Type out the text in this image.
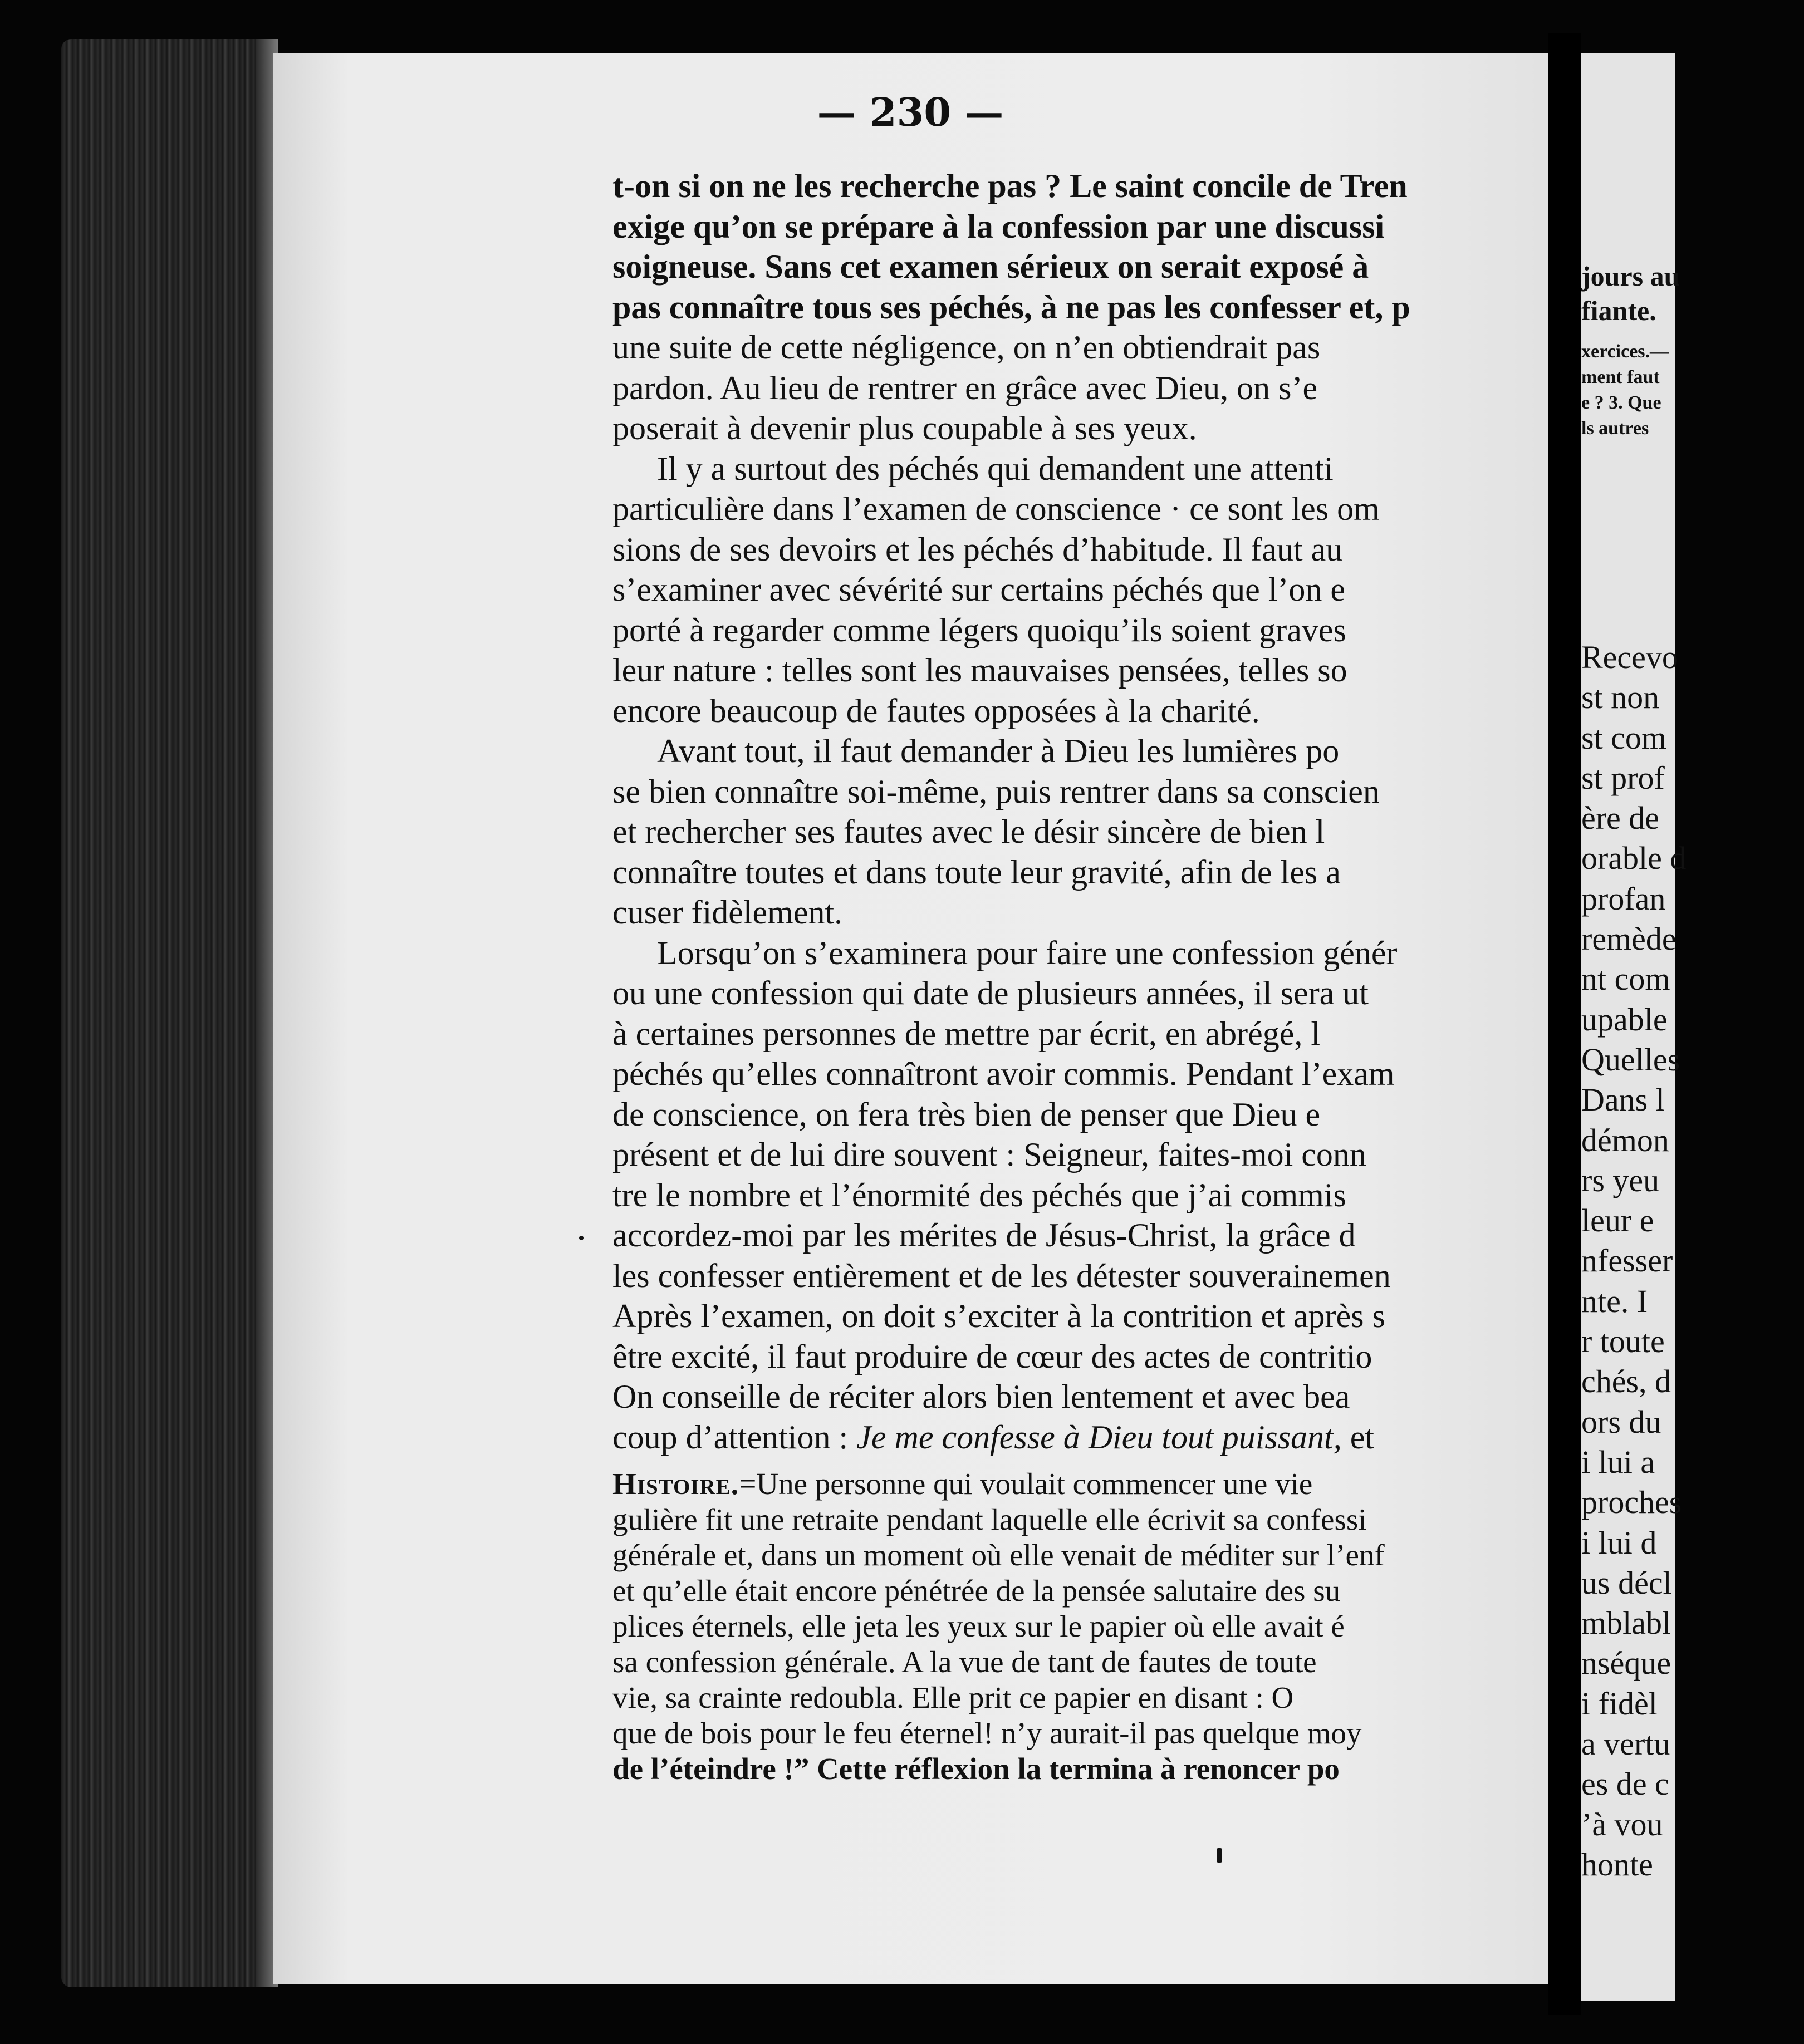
— 230 —
t-on si on ne les recherche pas ? Le saint concile de Tren
exige qu’on se prépare à la confession par une discussi
soigneuse. Sans cet examen sérieux on serait exposé à
pas connaître tous ses péchés, à ne pas les confesser et, p
une suite de cette négligence, on n’en obtiendrait pas
pardon. Au lieu de rentrer en grâce avec Dieu, on s’e
poserait à devenir plus coupable à ses yeux.
Il y a surtout des péchés qui demandent une attenti
particulière dans l’examen de conscience · ce sont les om
sions de ses devoirs et les péchés d’habitude. Il faut au
s’examiner avec sévérité sur certains péchés que l’on e
porté à regarder comme légers quoiqu’ils soient graves
leur nature : telles sont les mauvaises pensées, telles so
encore beaucoup de fautes opposées à la charité.
Avant tout, il faut demander à Dieu les lumières po
se bien connaître soi-même, puis rentrer dans sa conscien
et rechercher ses fautes avec le désir sincère de bien l
connaître toutes et dans toute leur gravité, afin de les a
cuser fidèlement.
Lorsqu’on s’examinera pour faire une confession génér
ou une confession qui date de plusieurs années, il sera ut
à certaines personnes de mettre par écrit, en abrégé, l
péchés qu’elles connaîtront avoir commis. Pendant l’exam
de conscience, on fera très bien de penser que Dieu e
présent et de lui dire souvent : Seigneur, faites-moi conn
tre le nombre et l’énormité des péchés que j’ai commis
accordez-moi par les mérites de Jésus-Christ, la grâce d
les confesser entièrement et de les détester souverainemen
Après l’examen, on doit s’exciter à la contrition et après s
être excité, il faut produire de cœur des actes de contritio
On conseille de réciter alors bien lentement et avec bea
coup d’attention : Je me confesse à Dieu tout puissant, et
Histoire.=Une personne qui voulait commencer une vie
gulière fit une retraite pendant laquelle elle écrivit sa confessi
générale et, dans un moment où elle venait de méditer sur l’enf
et qu’elle était encore pénétrée de la pensée salutaire des su
plices éternels, elle jeta les yeux sur le papier où elle avait é
sa confession générale. A la vue de tant de fautes de toute
vie, sa crainte redoubla. Elle prit ce papier en disant : O
que de bois pour le feu éternel! n’y aurait-il pas quelque moy
de l’éteindre !” Cette réflexion la termina à renoncer po
jours au
fiante.
xercices.—
ment faut
e ? 3. Que
ls autres
Recevo
st non
st com
st prof
ère de
orable d
profan
remède
nt com
upable
Quelles
Dans l
démon
rs yeu
leur e
nfesser
nte. I
r toute
chés, d
ors du
i lui a
proches
i lui d
us décl
mblabl
nséque
i fidèl
a vertu
es de c
’à vou
honte
